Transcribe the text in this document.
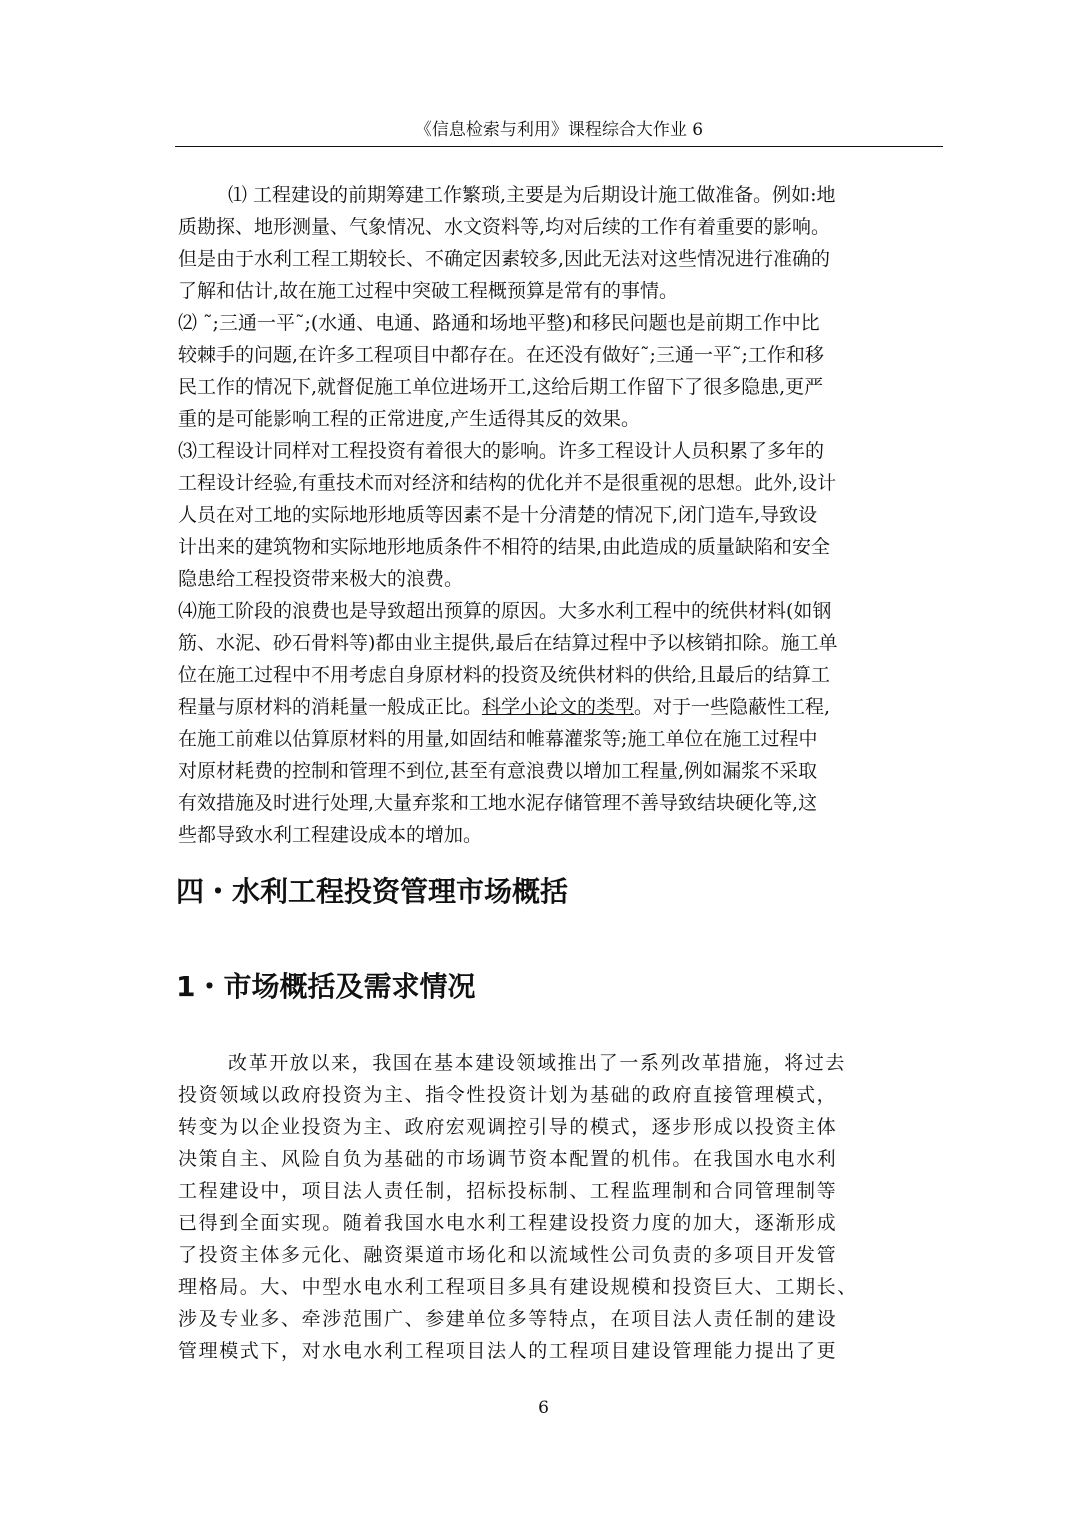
《信息检索与利用》课程综合大作业 6
⑴ 工程建设的前期筹建工作繁琐,主要是为后期设计施工做准备。例如:地
质勘探、地形测量、气象情况、水文资料等,均对后续的工作有着重要的影响。
但是由于水利工程工期较长、不确定因素较多,因此无法对这些情况进行准确的
了解和估计,故在施工过程中突破工程概预算是常有的事情。
⑵ ˜;三通一平˜;(水通、电通、路通和场地平整)和移民问题也是前期工作中比
较棘手的问题,在许多工程项目中都存在。在还没有做好˜;三通一平˜;工作和移
民工作的情况下,就督促施工单位进场开工,这给后期工作留下了很多隐患,更严
重的是可能影响工程的正常进度,产生适得其反的效果。
⑶工程设计同样对工程投资有着很大的影响。许多工程设计人员积累了多年的
工程设计经验,有重技术而对经济和结构的优化并不是很重视的思想。此外,设计
人员在对工地的实际地形地质等因素不是十分清楚的情况下,闭门造车,导致设
计出来的建筑物和实际地形地质条件不相符的结果,由此造成的质量缺陷和安全
隐患给工程投资带来极大的浪费。
⑷施工阶段的浪费也是导致超出预算的原因。大多水利工程中的统供材料(如钢
筋、水泥、砂石骨料等)都由业主提供,最后在结算过程中予以核销扣除。施工单
位在施工过程中不用考虑自身原材料的投资及统供材料的供给,且最后的结算工
程量与原材料的消耗量一般成正比。科学小论文的类型。对于一些隐蔽性工程,
在施工前难以估算原材料的用量,如固结和帷幕灌浆等;施工单位在施工过程中
对原材耗费的控制和管理不到位,甚至有意浪费以增加工程量,例如漏浆不采取
有效措施及时进行处理,大量弃浆和工地水泥存储管理不善导致结块硬化等,这
些都导致水利工程建设成本的增加。
四・水利工程投资管理市场概括
1・市场概括及需求情况
改革开放以来，我国在基本建设领域推出了一系列改革措施，将过去
投资领域以政府投资为主、指令性投资计划为基础的政府直接管理模式，
转变为以企业投资为主、政府宏观调控引导的模式，逐步形成以投资主体
决策自主、风险自负为基础的市场调节资本配置的机伟。在我国水电水利
工程建设中，项目法人责任制，招标投标制、工程监理制和合同管理制等
已得到全面实现。随着我国水电水利工程建设投资力度的加大，逐渐形成
了投资主体多元化、融资渠道市场化和以流域性公司负责的多项目开发管
理格局。大、中型水电水利工程项目多具有建设规模和投资巨大、工期长、
涉及专业多、牵涉范围广、参建单位多等特点，在项目法人责任制的建设
管理模式下，对水电水利工程项目法人的工程项目建设管理能力提出了更
6
